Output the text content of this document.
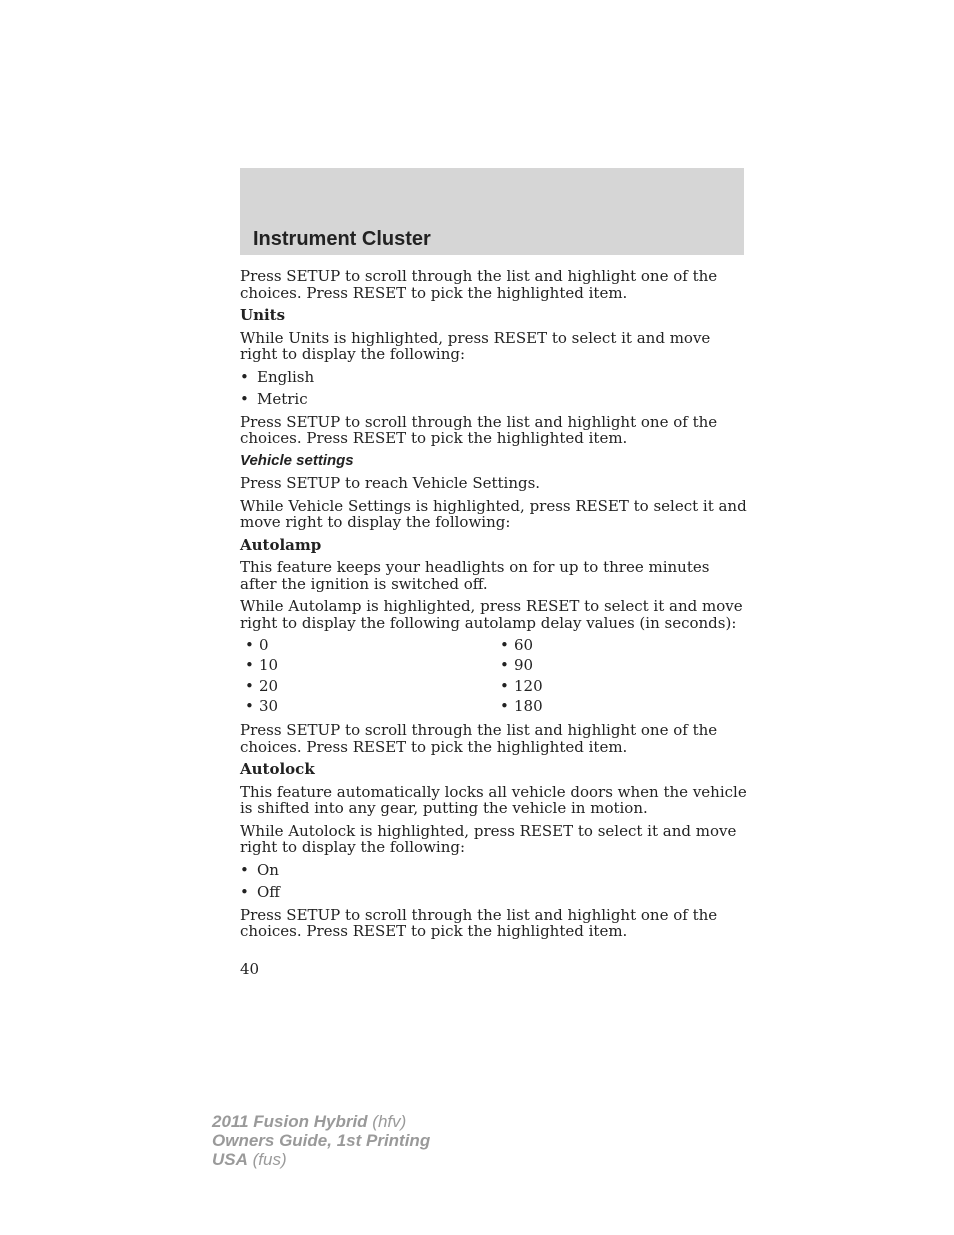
Instrument Cluster

Press SETUP to scroll through the list and highlight one of the choices. Press RESET to pick the highlighted item.

Units

While Units is highlighted, press RESET to select it and move right to display the following:

• English
• Metric

Press SETUP to scroll through the list and highlight one of the choices. Press RESET to pick the highlighted item.

Vehicle settings

Press SETUP to reach Vehicle Settings.

While Vehicle Settings is highlighted, press RESET to select it and move right to display the following:

Autolamp

This feature keeps your headlights on for up to three minutes after the ignition is switched off.

While Autolamp is highlighted, press RESET to select it and move right to display the following autolamp delay values (in seconds):

• 0
• 10
• 20
• 30
• 60
• 90
• 120
• 180

Press SETUP to scroll through the list and highlight one of the choices. Press RESET to pick the highlighted item.

Autolock

This feature automatically locks all vehicle doors when the vehicle is shifted into any gear, putting the vehicle in motion.

While Autolock is highlighted, press RESET to select it and move right to display the following:

• On
• Off

Press SETUP to scroll through the list and highlight one of the choices. Press RESET to pick the highlighted item.

40

2011 Fusion Hybrid (hfv)
Owners Guide, 1st Printing
USA (fus)
